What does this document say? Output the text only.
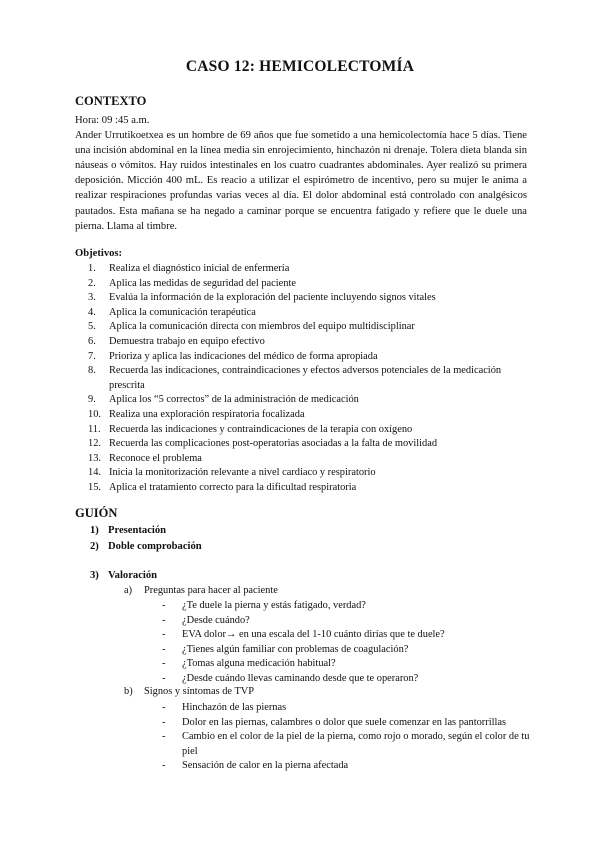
CASO 12: HEMICOLECTOMÍA
CONTEXTO
Hora: 09 :45 a.m.

Ander Urrutikoetxea es un hombre de 69 años que fue sometido a una hemicolectomía hace 5 días. Tiene una incisión abdominal en la línea media sin enrojecimiento, hinchazón ni drenaje. Tolera dieta blanda sin náuseas o vómitos. Hay ruidos intestinales en los cuatro cuadrantes abdominales. Ayer realizó su primera deposición. Micción 400 mL. Es reacio a utilizar el espirómetro de incentivo, pero su mujer le anima a realizar respiraciones profundas varias veces al día. El dolor abdominal está controlado con analgésicos pautados. Esta mañana se ha negado a caminar porque se encuentra fatigado y refiere que le duele una pierna. Llama al timbre.

Objetivos:
1.	Realiza el diagnóstico inicial de enfermería
2.	Aplica las medidas de seguridad del paciente
3.	Evalúa la información de la exploración del paciente incluyendo signos vitales
4.	Aplica la comunicación terapéutica
5.	Aplica la comunicación directa con miembros del equipo multidisciplinar
6.	Demuestra trabajo en equipo efectivo
7.	Prioriza y aplica las indicaciones del médico de forma apropiada
8.	Recuerda las indicaciones, contraindicaciones y efectos adversos potenciales de la medicación prescrita
9.	Aplica los “5 correctos” de la administración de medicación
10. Realiza una exploración respiratoria focalizada
11. Recuerda las indicaciones y contraindicaciones de la terapia con oxígeno
12. Recuerda las complicaciones post-operatorias asociadas a la falta de movilidad
13. Reconoce el problema
14. Inicia la monitorización relevante a nivel cardiaco y respiratorio
15. Aplica el tratamiento correcto para la dificultad respiratoria
GUIÓN
1) Presentación
2) Doble comprobación
3) Valoración
a) Preguntas para hacer al paciente
- ¿Te duele la pierna y estás fatigado, verdad?
- ¿Desde cuándo?
- EVA dolor→ en una escala del 1-10 cuánto dirías que te duele?
- ¿Tienes algún familiar con problemas de coagulación?
- ¿Tomas alguna medicación habitual?
- ¿Desde cuándo llevas caminando desde que te operaron?
b) Signos y síntomas de TVP
- Hinchazón de las piernas
- Dolor en las piernas, calambres o dolor que suele comenzar en las pantorrillas
- Cambio en el color de la piel de la pierna, como rojo o morado, según el color de tu piel
- Sensación de calor en la pierna afectada
